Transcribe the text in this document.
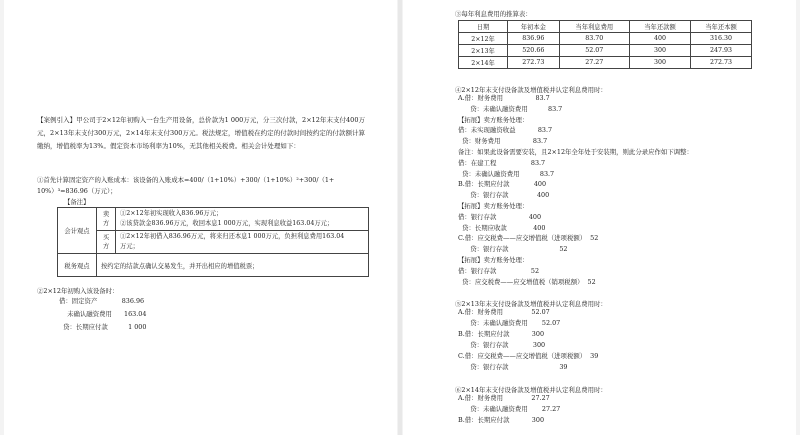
【案例引入】甲公司于2×12年初购入一台生产用设备，总价款为1 000万元，分三次付款，2×12年末支付400万元，2×13年末支付300万元，2×14年末支付300万元。税法规定，增值税在约定的付款时间按约定的付款额计算缴纳，增值税率为13%。假定资本市场利率为10%，无其他相关税费。相关会计处理如下：
①首先计算固定资产的入账成本：该设备的入账成本=400/（1+10%）+300/（1+10%）²+300/（1+
10%）³=836.96（万元）；
【备注】
会计观点	卖方	①2×12年初实现收入836.96万元；
②该贷款金836.96万元，收回本息1 000万元，实现利息收益163.04万元；

	买方	①2×12年初借入836.96万元，将来归还本息1 000万元，负担利息费用163.04
万元；

税务观点	按约定的结款点确认交易发生，并开出相应的增值税票；	
②2×12年初购入该设备时：
借：固定资产            836.96
未确认融资费用      163.04
贷：长期应付款          1 000
③每年利息费用的推算表：
日期	年初本金	当年利息费用	当年还款额	当年还本额
2×12年	836.96	83.70	400	316.30
2×13年	520.66	52.07	300	247.93
2×14年	272.73	27.27	300	272.73
④2×12年末支付设备款及增值税并认定利息费用时：
A.借：财务费用                83.7
贷：未确认融资费用          83.7
【拓展】卖方账务处理：
借：未实现融资收益           83.7
贷：财务费用                83.7
备注：如果此设备需要安装，且2×12年全年处于安装期，则此分录应作如下调整：
借：在建工程                 83.7
贷：未确认融资费用          83.7
B.借：长期应付款            400
贷：银行存款              400
【拓展】卖方账务处理：
借：银行存款                400
贷：长期应收款             400
C.借：应交税费——应交增值税（进项税额）  52
贷：银行存款                         52
【拓展】卖方账务处理：
借：银行存款                 52
贷：应交税费——应交增值税（销项税额）  52
⑤2×13年末支付设备款及增值税并认定利息费用时：
A.借：财务费用              52.07
贷：未确认融资费用       52.07
B.借：长期应付款           300
贷：银行存款            300
C.借：应交税费——应交增值税（进项税额）  39
贷：银行存款                         39
⑥2×14年末支付设备款及增值税并认定利息费用时：
A.借：财务费用              27.27
贷：未确认融资费用       27.27
B.借：长期应付款           300
